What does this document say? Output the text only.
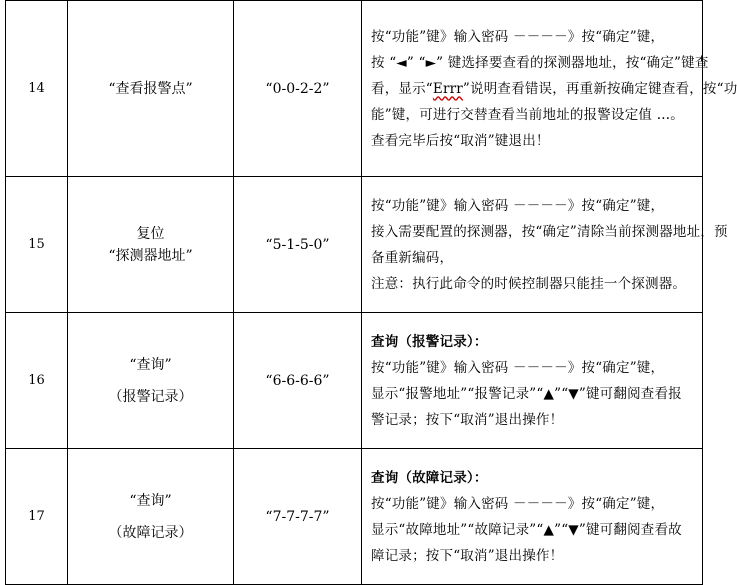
14	“查看报警点”	“0-0-2-2”	按“功能”键》输入密码 －－－－》按“确定”键，
按 “◄” “►” 键选择要查看的探测器地址，按“确定”键查
看，显示“Errr”说明查看错误，再重新按确定键查看，按“功
能”键，可进行交替查看当前地址的报警设定值 …。
查看完毕后按“取消”键退出！

15	复位
“探测器地址”	“5-1-5-0”	按“功能”键》输入密码 －－－－》按“确定”键，
接入需要配置的探测器，按“确定”清除当前探测器地址，预
备重新编码，
注意：执行此命令的时候控制器只能挂一个探测器。

16	“查询”
（报警记录）	“6-6-6-6”	查询（报警记录）：
按“功能”键》输入密码 －－－－》按“确定”键，
显示“报警地址”“报警记录”“▲”“▼”键可翻阅查看报
警记录；按下“取消”退出操作！

17	“查询”
（故障记录）	“7-7-7-7”	查询（故障记录）：
按“功能”键》输入密码 －－－－》按“确定”键，
显示“故障地址”“故障记录”“▲”“▼”键可翻阅查看故
障记录；按下“取消”退出操作！
